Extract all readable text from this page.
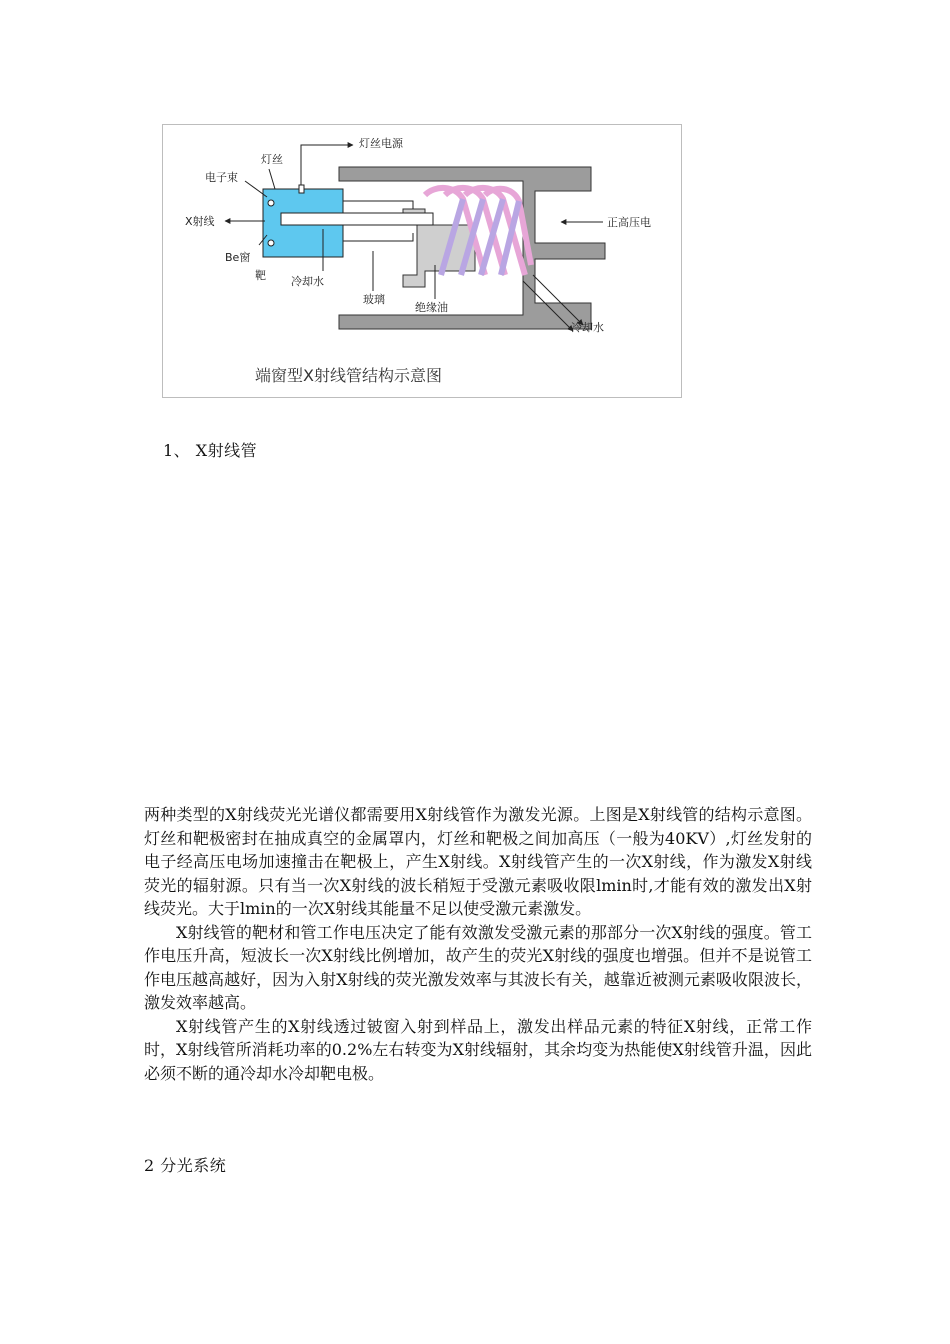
灯丝电源
灯丝
电子束
X射线
Be窗
靶 冷却水
玻璃
绝缘油
正高压电
冷却水
端窗型X射线管结构示意图
1、 X射线管

两种类型的X射线荧光光谱仪都需要用X射线管作为激发光源。上图是X射线管的结构示意图。灯丝和靶极密封在抽成真空的金属罩内，灯丝和靶极之间加高压（一般为40KV）,灯丝发射的电子经高压电场加速撞击在靶极上，产生X射线。X射线管产生的一次X射线，作为激发X射线荧光的辐射源。只有当一次X射线的波长稍短于受激元素吸收限lmin时,才能有效的激发出X射线荧光。大于lmin的一次X射线其能量不足以使受激元素激发。

X射线管的靶材和管工作电压决定了能有效激发受激元素的那部分一次X射线的强度。管工作电压升高，短波长一次X射线比例增加，故产生的荧光X射线的强度也增强。但并不是说管工作电压越高越好，因为入射X射线的荧光激发效率与其波长有关，越靠近被测元素吸收限波长，激发效率越高。

X射线管产生的X射线透过铍窗入射到样品上，激发出样品元素的特征X射线，正常工作时，X射线管所消耗功率的0.2%左右转变为X射线辐射，其余均变为热能使X射线管升温，因此必须不断的通冷却水冷却靶电极。

2 分光系统
